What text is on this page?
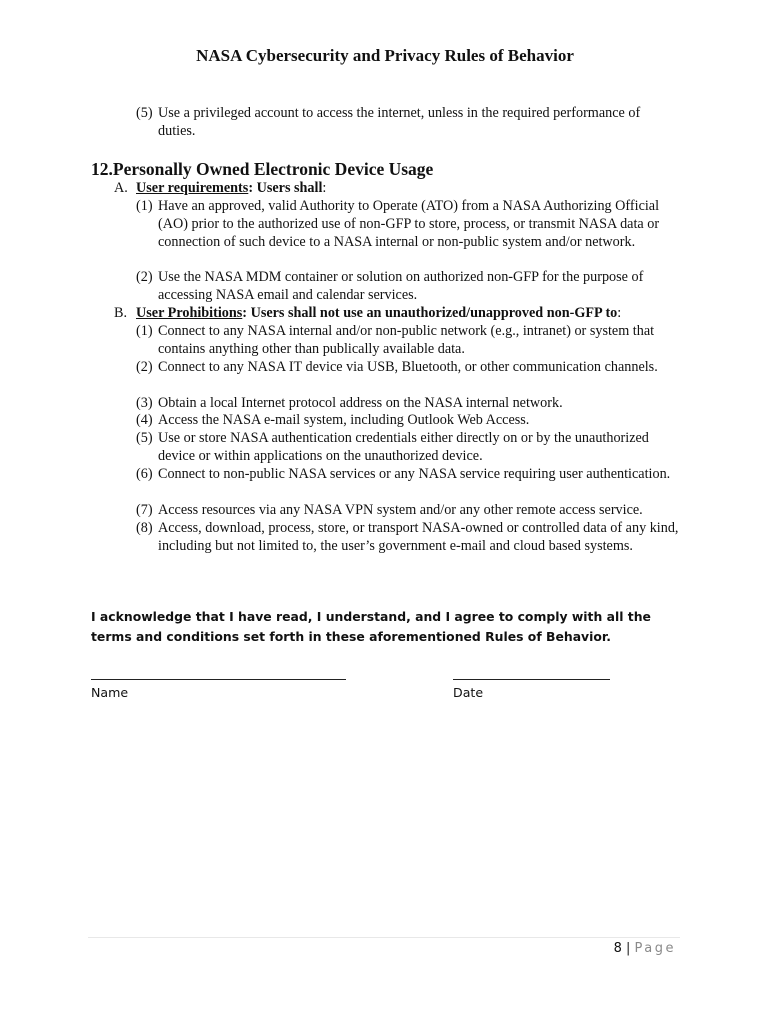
NASA Cybersecurity and Privacy Rules of Behavior
(5) Use a privileged account to access the internet, unless in the required performance of duties.
12.Personally Owned Electronic Device Usage
A. User requirements: Users shall:
(1) Have an approved, valid Authority to Operate (ATO) from a NASA Authorizing Official (AO) prior to the authorized use of non-GFP to store, process, or transmit NASA data or connection of such device to a NASA internal or non-public system and/or network.
(2) Use the NASA MDM container or solution on authorized non-GFP for the purpose of accessing NASA email and calendar services.
B. User Prohibitions: Users shall not use an unauthorized/unapproved non-GFP to:
(1) Connect to any NASA internal and/or non-public network (e.g., intranet) or system that contains anything other than publically available data.
(2) Connect to any NASA IT device via USB, Bluetooth, or other communication channels.
(3) Obtain a local Internet protocol address on the NASA internal network.
(4) Access the NASA e-mail system, including Outlook Web Access.
(5) Use or store NASA authentication credentials either directly on or by the unauthorized device or within applications on the unauthorized device.
(6) Connect to non-public NASA services or any NASA service requiring user authentication.
(7) Access resources via any NASA VPN system and/or any other remote access service.
(8) Access, download, process, store, or transport NASA-owned or controlled data of any kind, including but not limited to, the user’s government e-mail and cloud based systems.
I acknowledge that I have read, I understand, and I agree to comply with all the terms and conditions set forth in these aforementioned Rules of Behavior.
Name	Date
8 | Page
